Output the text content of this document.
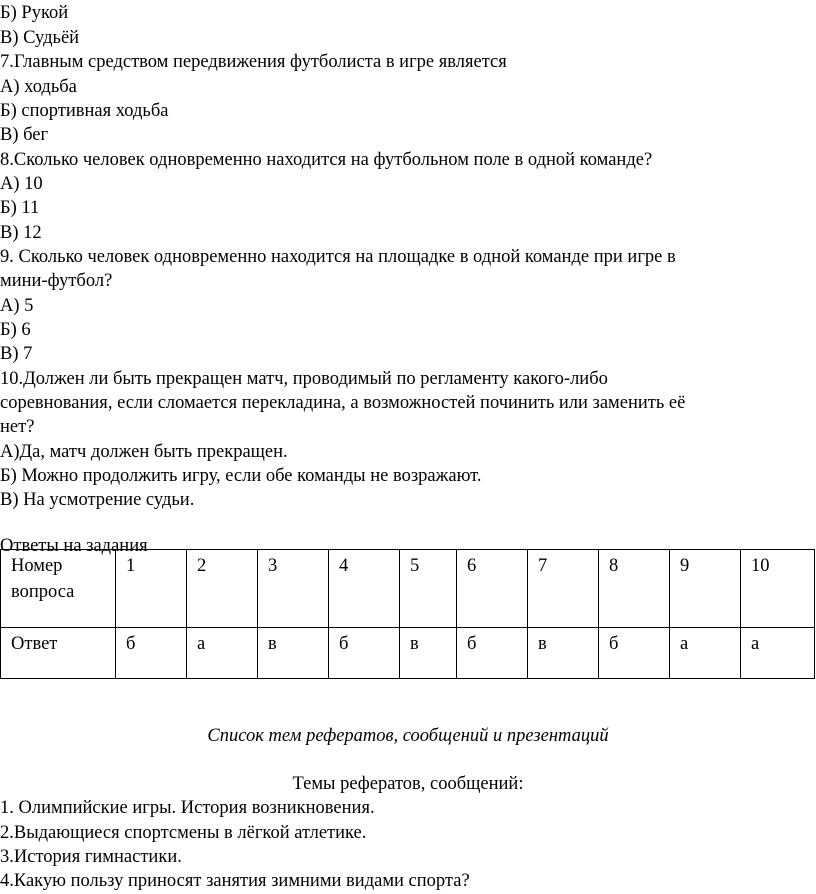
Б) Рукой
В) Судьёй
7.Главным средством передвижения футболиста в игре является
А) ходьба
Б) спортивная ходьба
В) бег
8.Сколько человек одновременно находится на футбольном поле в одной команде?
А) 10
Б) 11
В) 12
9. Сколько человек одновременно находится на площадке в одной команде при игре в
мини-футбол?
А) 5
Б) 6
В) 7
10.Должен ли быть прекращен матч, проводимый по регламенту какого-либо
соревнования, если сломается перекладина, а возможностей починить или заменить её
нет?
А)Да, матч должен быть прекращен.
Б) Можно продолжить игру, если обе команды не возражают.
В) На усмотрение судьи.
Ответы на задания
Номер
вопроса	1	2	3	4	5	6	7	8	9	10
Ответ	б	а	в	б	в	б	в	б	а	а
Список тем рефератов, сообщений и презентаций
Темы рефератов, сообщений:
1. Олимпийские игры. История возникновения.
2.Выдающиеся спортсмены в лёгкой атлетике.
3.История гимнастики.
4.Какую пользу приносят занятия зимними видами спорта?
